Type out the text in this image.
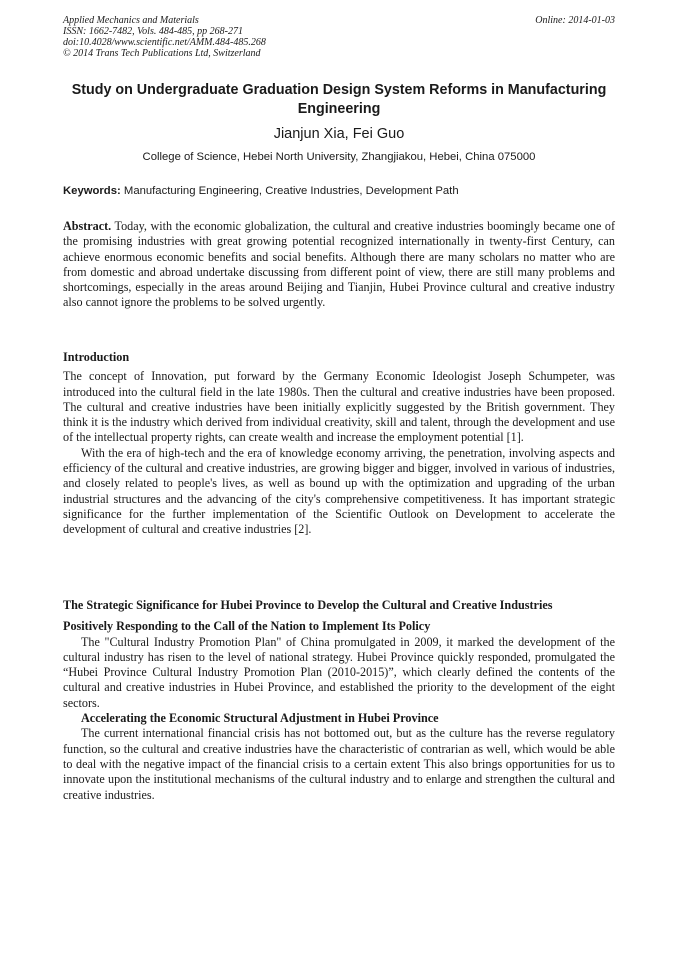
Applied Mechanics and Materials
ISSN: 1662-7482, Vols. 484-485, pp 268-271
doi:10.4028/www.scientific.net/AMM.484-485.268
© 2014 Trans Tech Publications Ltd, Switzerland
Online: 2014-01-03
Study on Undergraduate Graduation Design System Reforms in Manufacturing Engineering
Jianjun Xia, Fei Guo
College of Science, Hebei North University, Zhangjiakou, Hebei, China 075000
Keywords: Manufacturing Engineering, Creative Industries, Development Path

Abstract. Today, with the economic globalization, the cultural and creative industries boomingly became one of the promising industries with great growing potential recognized internationally in twenty-first Century, can achieve enormous economic benefits and social benefits. Although there are many scholars no matter who are from domestic and abroad undertake discussing from different point of view, there are still many problems and shortcomings, especially in the areas around Beijing and Tianjin, Hubei Province cultural and creative industry also cannot ignore the problems to be solved urgently.

Introduction

The concept of Innovation, put forward by the Germany Economic Ideologist Joseph Schumpeter, was introduced into the cultural field in the late 1980s. Then the cultural and creative industries have been proposed. The cultural and creative industries have been initially explicitly suggested by the British government. They think it is the industry which derived from individual creativity, skill and talent, through the development and use of the intellectual property rights, can create wealth and increase the employment potential [1].

With the era of high-tech and the era of knowledge economy arriving, the penetration, involving aspects and efficiency of the cultural and creative industries, are growing bigger and bigger, involved in various of industries, and closely related to people's lives, as well as bound up with the optimization and upgrading of the urban industrial structures and the advancing of the city's comprehensive competitiveness. It has important strategic significance for the further implementation of the Scientific Outlook on Development to accelerate the development of cultural and creative industries [2].

The Strategic Significance for Hubei Province to Develop the Cultural and Creative Industries

Positively Responding to the Call of the Nation to Implement Its Policy

The "Cultural Industry Promotion Plan" of China promulgated in 2009, it marked the development of the cultural industry has risen to the level of national strategy. Hubei Province quickly responded, promulgated the “Hubei Province Cultural Industry Promotion Plan (2010-2015)”, which clearly defined the contents of the cultural and creative industries in Hubei Province, and established the priority to the development of the eight sectors.

Accelerating the Economic Structural Adjustment in Hubei Province

The current international financial crisis has not bottomed out, but as the culture has the reverse regulatory function, so the cultural and creative industries have the characteristic of contrarian as well, which would be able to deal with the negative impact of the financial crisis to a certain extent This also brings opportunities for us to innovate upon the institutional mechanisms of the cultural industry and to enlarge and strengthen the cultural and creative industries.
